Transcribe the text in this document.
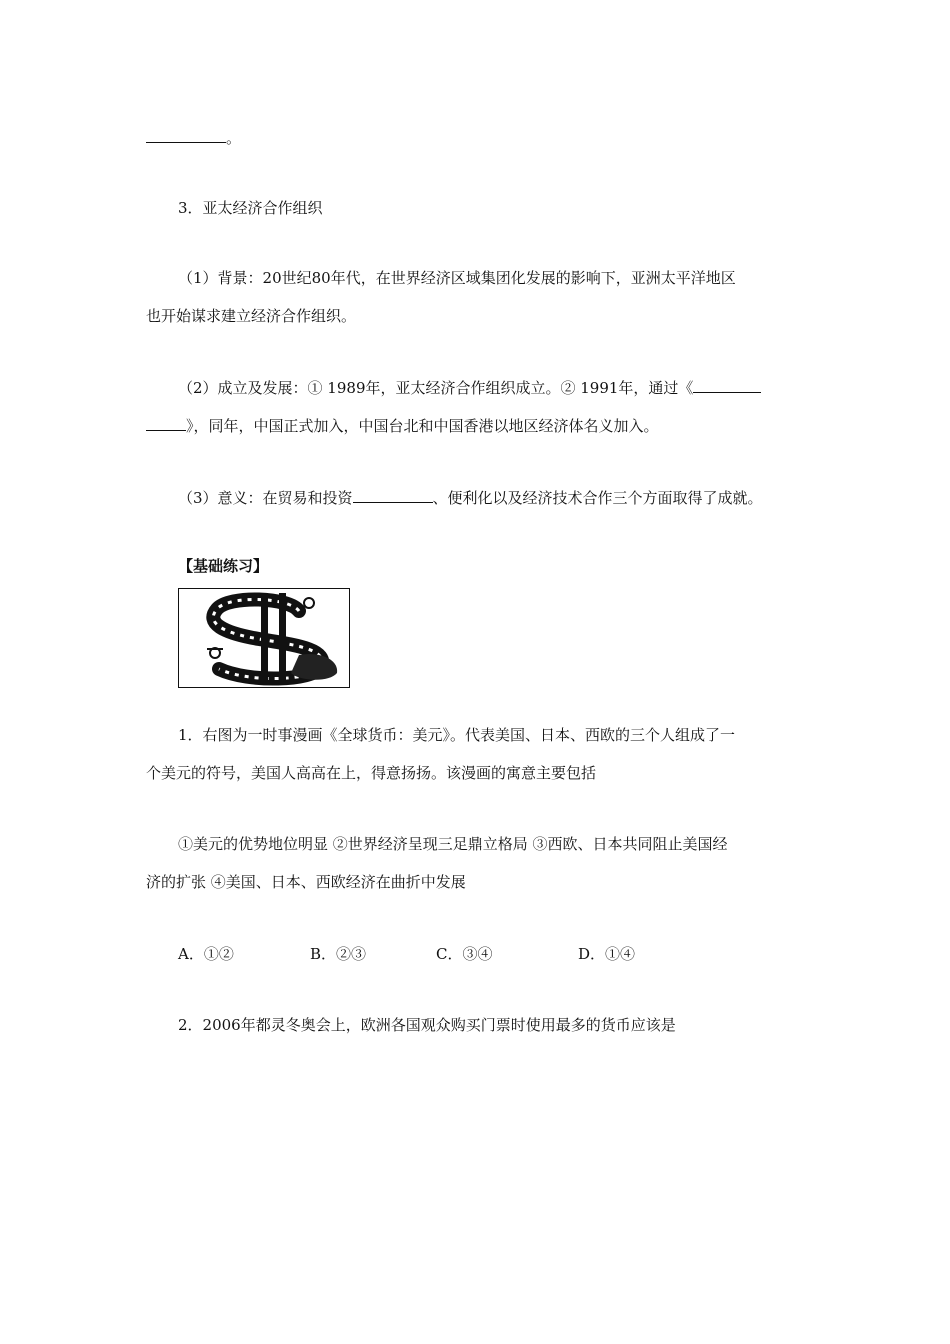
。
3．亚太经济合作组织
（1）背景：20世纪80年代，在世界经济区域集团化发展的影响下，亚洲太平洋地区
也开始谋求建立经济合作组织。
（2）成立及发展：① 1989年，亚太经济合作组织成立。② 1991年，通过《
》，同年，中国正式加入，中国台北和中国香港以地区经济体名义加入。
（3）意义：在贸易和投资	、便利化以及经济技术合作三个方面取得了成就。
【基础练习】
1．右图为一时事漫画《全球货币：美元》。代表美国、日本、西欧的三个人组成了一
个美元的符号，美国人高高在上，得意扬扬。该漫画的寓意主要包括
①美元的优势地位明显 ②世界经济呈现三足鼎立格局 ③西欧、日本共同阻止美国经
济的扩张 ④美国、日本、西欧经济在曲折中发展
A．①②	B．②③	C．③④	D．①④
2．2006年都灵冬奥会上，欧洲各国观众购买门票时使用最多的货币应该是
